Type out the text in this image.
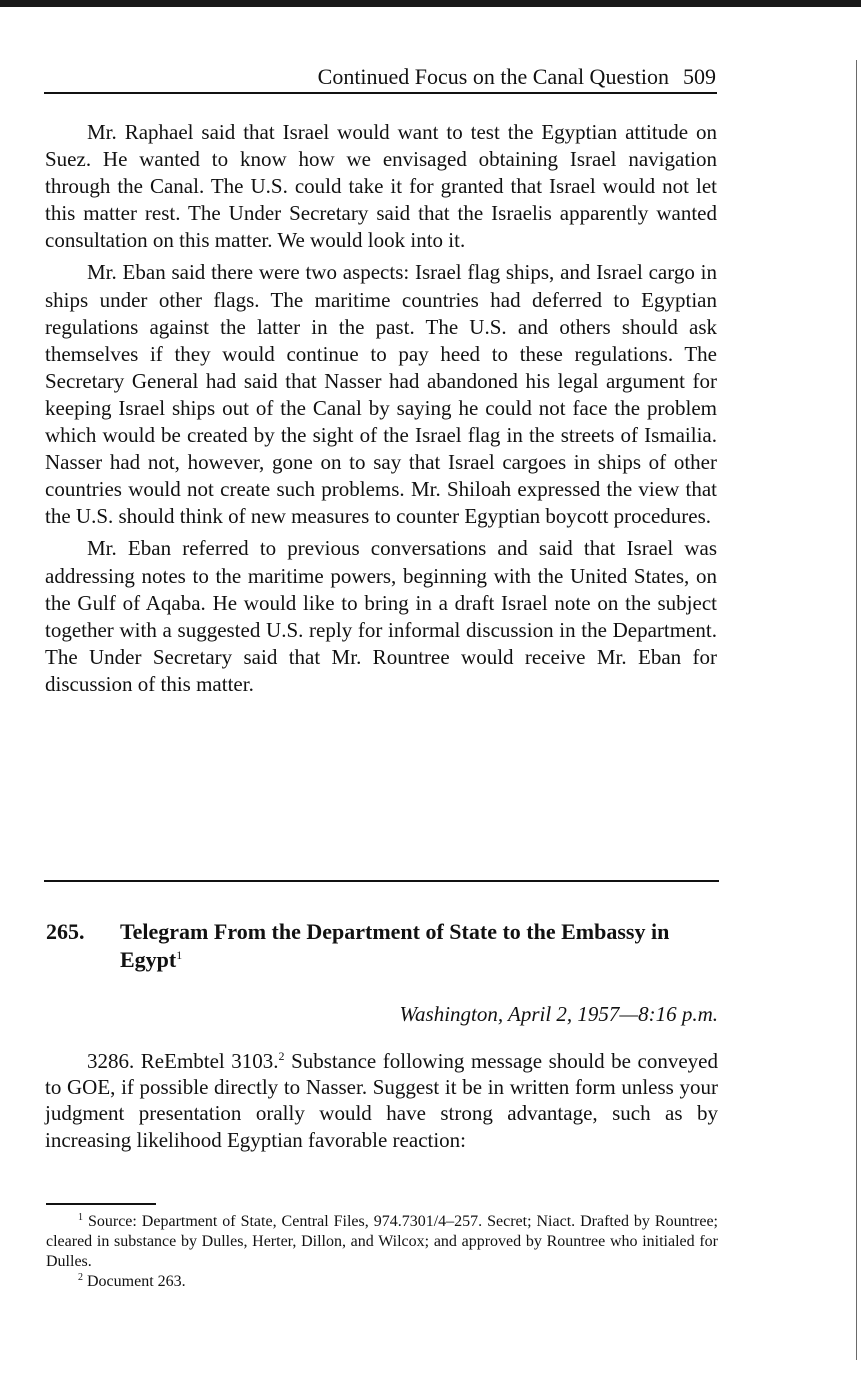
Continued Focus on the Canal Question 509

Mr. Raphael said that Israel would want to test the Egyptian attitude on Suez. He wanted to know how we envisaged obtaining Israel navigation through the Canal. The U.S. could take it for granted that Israel would not let this matter rest. The Under Secretary said that the Israelis apparently wanted consultation on this matter. We would look into it.

Mr. Eban said there were two aspects: Israel flag ships, and Israel cargo in ships under other flags. The maritime countries had deferred to Egyptian regulations against the latter in the past. The U.S. and others should ask themselves if they would continue to pay heed to these regulations. The Secretary General had said that Nasser had abandoned his legal argument for keeping Israel ships out of the Canal by saying he could not face the problem which would be created by the sight of the Israel flag in the streets of Ismailia. Nasser had not, however, gone on to say that Israel cargoes in ships of other countries would not create such problems. Mr. Shiloah expressed the view that the U.S. should think of new measures to counter Egyptian boycott procedures.

Mr. Eban referred to previous conversations and said that Israel was addressing notes to the maritime powers, beginning with the United States, on the Gulf of Aqaba. He would like to bring in a draft Israel note on the subject together with a suggested U.S. reply for informal discussion in the Department. The Under Secretary said that Mr. Rountree would receive Mr. Eban for discussion of this matter.

265. Telegram From the Department of State to the Embassy in Egypt$^1$
Washington, April 2, 1957—8:16 p.m.

3286. ReEmbtel 3103.$^2$ Substance following message should be conveyed to GOE, if possible directly to Nasser. Suggest it be in written form unless your judgment presentation orally would have strong advantage, such as by increasing likelihood Egyptian favorable reaction:

$^1$ Source: Department of State, Central Files, 974.7301/4–257. Secret; Niact. Drafted by Rountree; cleared in substance by Dulles, Herter, Dillon, and Wilcox; and approved by Rountree who initialed for Dulles.

$^2$ Document 263.
